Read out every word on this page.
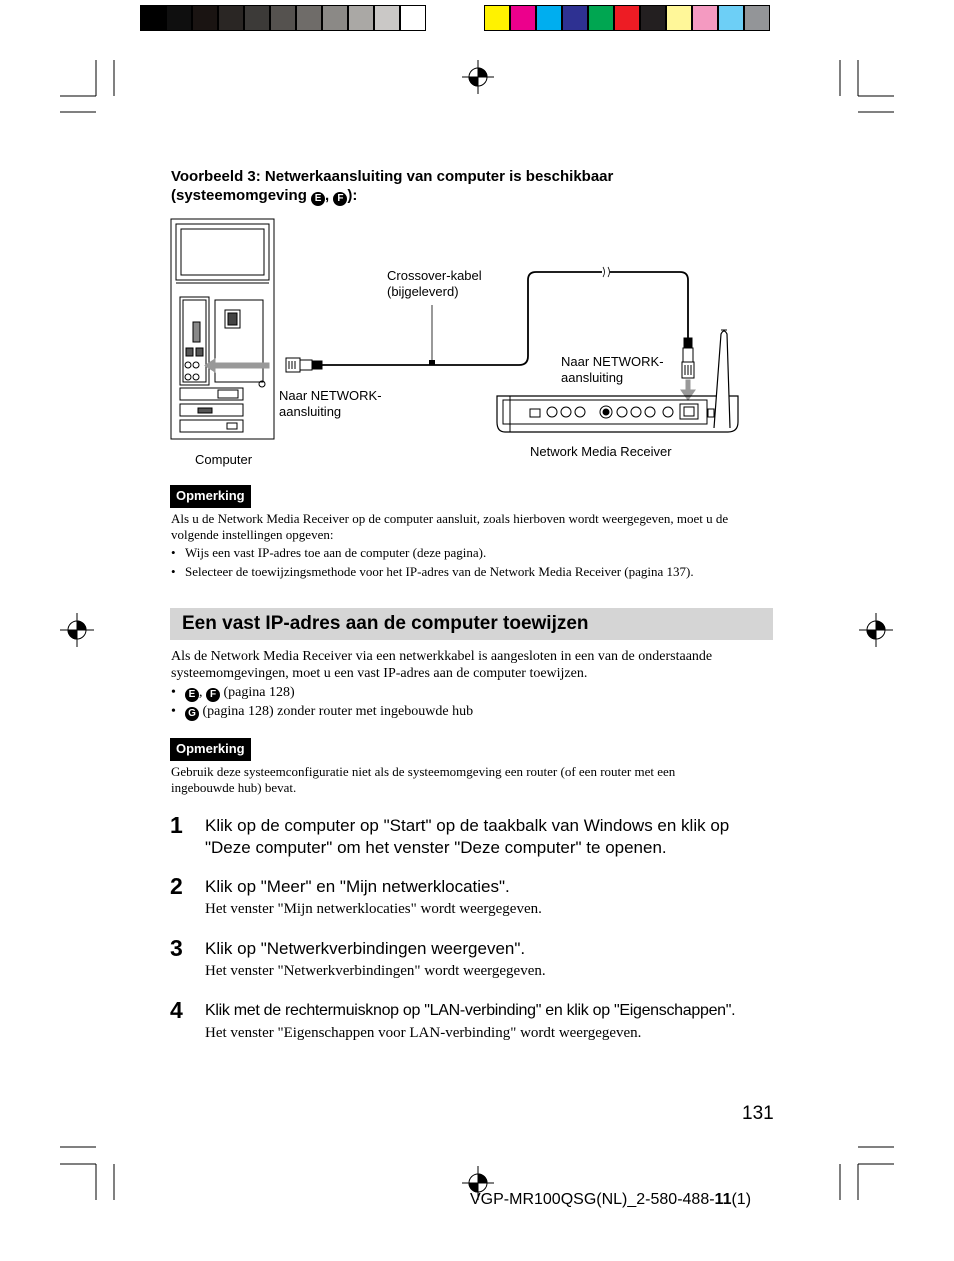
Voorbeeld 3: Netwerkaansluiting van computer is beschikbaar
(systeemomgeving E , F ):
Crossover-kabel
(bijgeleverd)
Naar NETWORK-
aansluiting
Naar NETWORK-
aansluiting
Computer
Network Media Receiver
Opmerking
Als u de Network Media Receiver op de computer aansluit, zoals hierboven wordt weergegeven, moet u de
volgende instellingen opgeven:
• Wijs een vast IP-adres toe aan de computer (deze pagina).
• Selecteer de toewijzingsmethode voor het IP-adres van de Network Media Receiver (pagina 137).
Een vast IP-adres aan de computer toewijzen
Als de Network Media Receiver via een netwerkkabel is aangesloten in een van de onderstaande
systeemomgevingen, moet u een vast IP-adres aan de computer toewijzen.
• E , F (pagina 128)
• G (pagina 128) zonder router met ingebouwde hub
Opmerking
Gebruik deze systeemconfiguratie niet als de systeemomgeving een router (of een router met een
ingebouwde hub) bevat.
1 Klik op de computer op "Start" op de taakbalk van Windows en klik op
"Deze computer" om het venster "Deze computer" te openen.
2 Klik op "Meer" en "Mijn netwerklocaties".
Het venster "Mijn netwerklocaties" wordt weergegeven.
3 Klik op "Netwerkverbindingen weergeven".
Het venster "Netwerkverbindingen" wordt weergegeven.
4 Klik met de rechtermuisknop op "LAN-verbinding" en klik op "Eigenschappen".
Het venster "Eigenschappen voor LAN-verbinding" wordt weergegeven.
131
VGP-MR100QSG(NL)_2-580-488-11(1)
